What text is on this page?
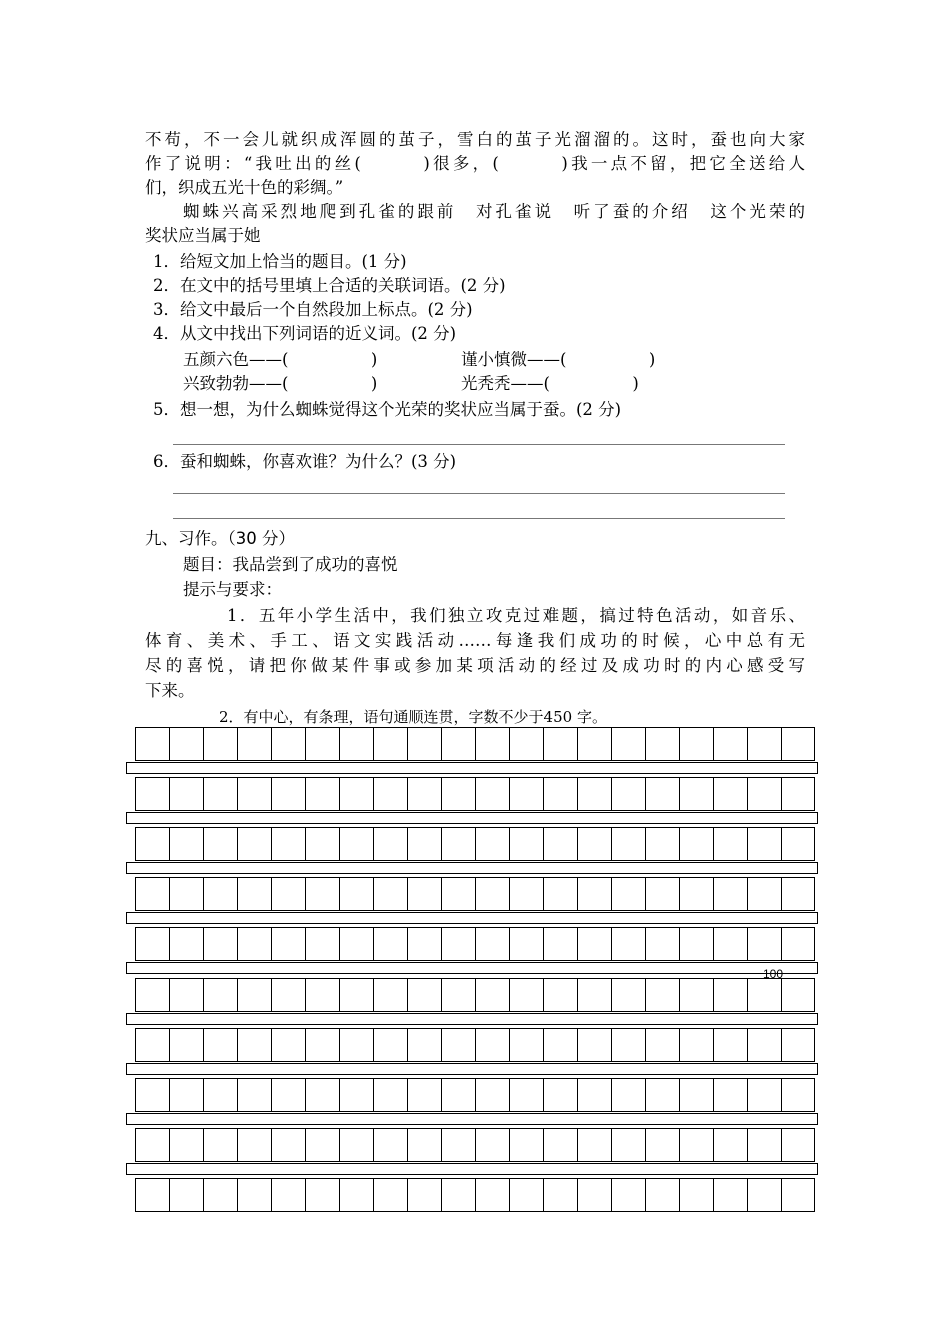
不苟，不一会儿就织成浑圆的茧子，雪白的茧子光溜溜的。这时，蚕也向大家
作了说明：“我吐出的丝(　　　)很多，(　　　)我一点不留，把它全送给人
们，织成五光十色的彩绸。”
蜘蛛兴高采烈地爬到孔雀的跟前　对孔雀说　听了蚕的介绍　这个光荣的
奖状应当属于她
1．给短文加上恰当的题目。(1 分)
2．在文中的括号里填上合适的关联词语。(2 分)
3．给文中最后一个自然段加上标点。(2 分)
4．从文中找出下列词语的近义词。(2 分)
五颜六色——(　　　　　)	谨小慎微——(　　　　　)
兴致勃勃——(　　　　　)	光秃秃——(　　　　　)
5．想一想，为什么蜘蛛觉得这个光荣的奖状应当属于蚕。(2 分)
6．蚕和蜘蛛，你喜欢谁？为什么？(3 分)
九、习作。（30 分）
题目：我品尝到了成功的喜悦
提示与要求：
1．五年小学生活中，我们独立攻克过难题，搞过特色活动，如音乐、
体育、美术、手工、语文实践活动……每逢我们成功的时候，心中总有无
尽的喜悦，请把你做某件事或参加某项活动的经过及成功时的内心感受写
下来。
2．有中心，有条理，语句通顺连贯，字数不少于450 字。
100
